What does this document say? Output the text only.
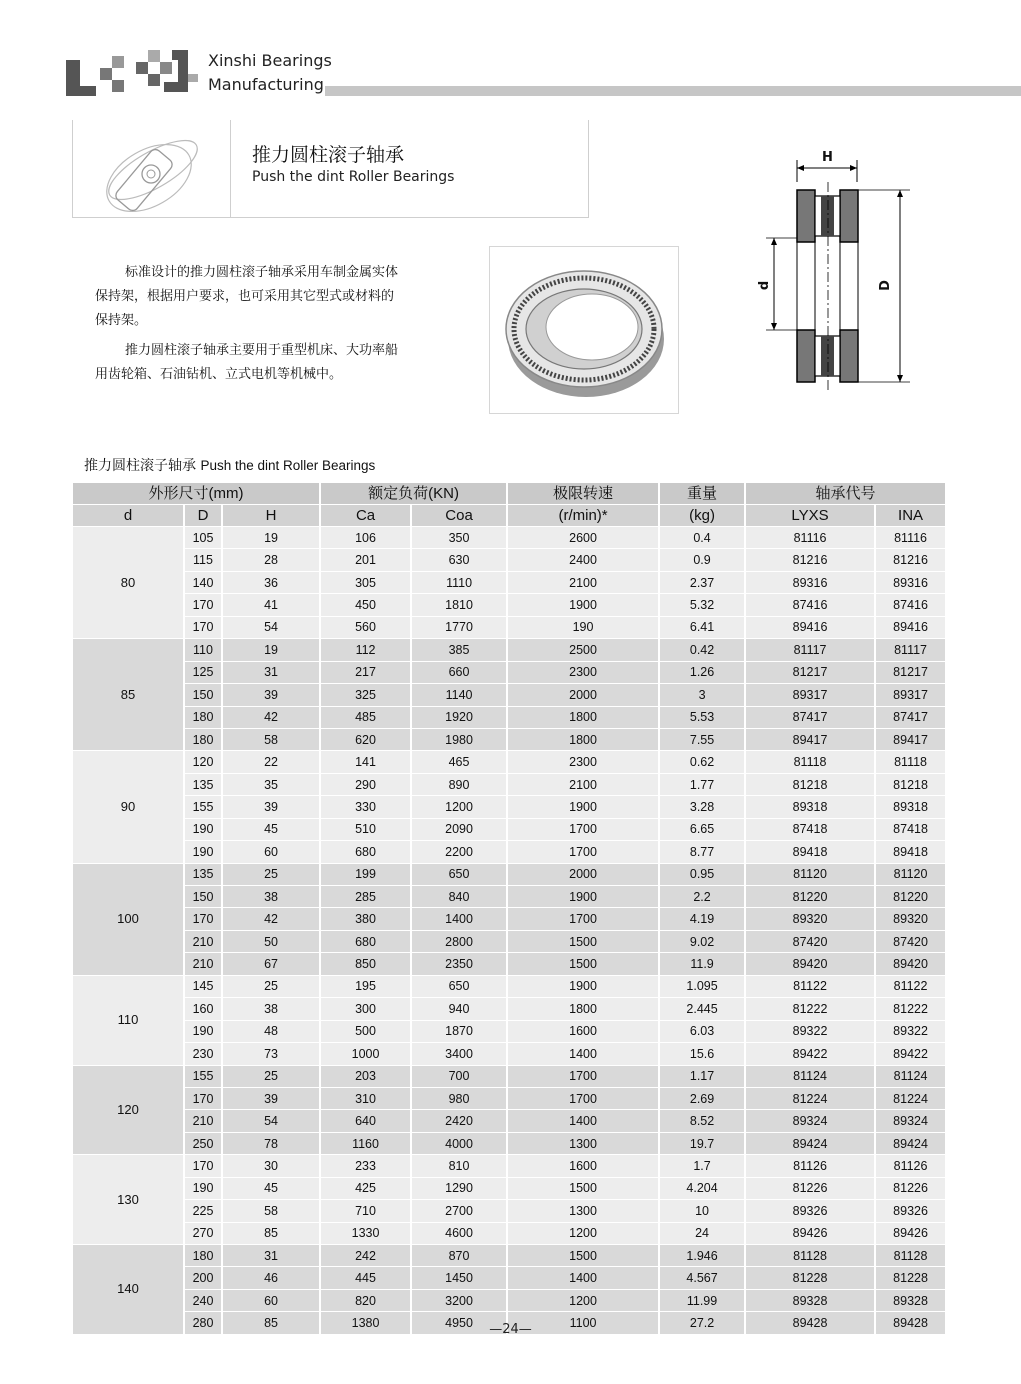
Xinshi Bearings
Manufacturing
推力圆柱滚子轴承
Push the dint Roller Bearings
标准设计的推力圆柱滚子轴承采用车制金属实体
保持架，根据用户要求，也可采用其它型式或材料的
保持架。
推力圆柱滚子轴承主要用于重型机床、大功率船
用齿轮箱、石油钻机、立式电机等机械中。
H
d	D
推力圆柱滚子轴承 Push the dint Roller Bearings
外形尺寸(mm)			额定负荷(KN)		极限转速	重量	轴承代号	
d	D	H	Ca	Coa	(r/min)*	(kg)	LYXS	INA
80	105	19	106	350	2600	0.4	81116	81116
	115	28	201	630	2400	0.9	81216	81216
	140	36	305	1110	2100	2.37	89316	89316
	170	41	450	1810	1900	5.32	87416	87416
	170	54	560	1770	190	6.41	89416	89416
85	110	19	112	385	2500	0.42	81117	81117
	125	31	217	660	2300	1.26	81217	81217
	150	39	325	1140	2000	3	89317	89317
	180	42	485	1920	1800	5.53	87417	87417
	180	58	620	1980	1800	7.55	89417	89417
90	120	22	141	465	2300	0.62	81118	81118
	135	35	290	890	2100	1.77	81218	81218
	155	39	330	1200	1900	3.28	89318	89318
	190	45	510	2090	1700	6.65	87418	87418
	190	60	680	2200	1700	8.77	89418	89418
100	135	25	199	650	2000	0.95	81120	81120
	150	38	285	840	1900	2.2	81220	81220
	170	42	380	1400	1700	4.19	89320	89320
	210	50	680	2800	1500	9.02	87420	87420
	210	67	850	2350	1500	11.9	89420	89420
110	145	25	195	650	1900	1.095	81122	81122
	160	38	300	940	1800	2.445	81222	81222
	190	48	500	1870	1600	6.03	89322	89322
	230	73	1000	3400	1400	15.6	89422	89422
120	155	25	203	700	1700	1.17	81124	81124
	170	39	310	980	1700	2.69	81224	81224
	210	54	640	2420	1400	8.52	89324	89324
	250	78	1160	4000	1300	19.7	89424	89424
130	170	30	233	810	1600	1.7	81126	81126
	190	45	425	1290	1500	4.204	81226	81226
	225	58	710	2700	1300	10	89326	89326
	270	85	1330	4600	1200	24	89426	89426
140	180	31	242	870	1500	1.946	81128	81128
	200	46	445	1450	1400	4.567	81228	81228
	240	60	820	3200	1200	11.99	89328	89328
	280	85	1380	4950	1100	27.2	89428	89428
—24—
